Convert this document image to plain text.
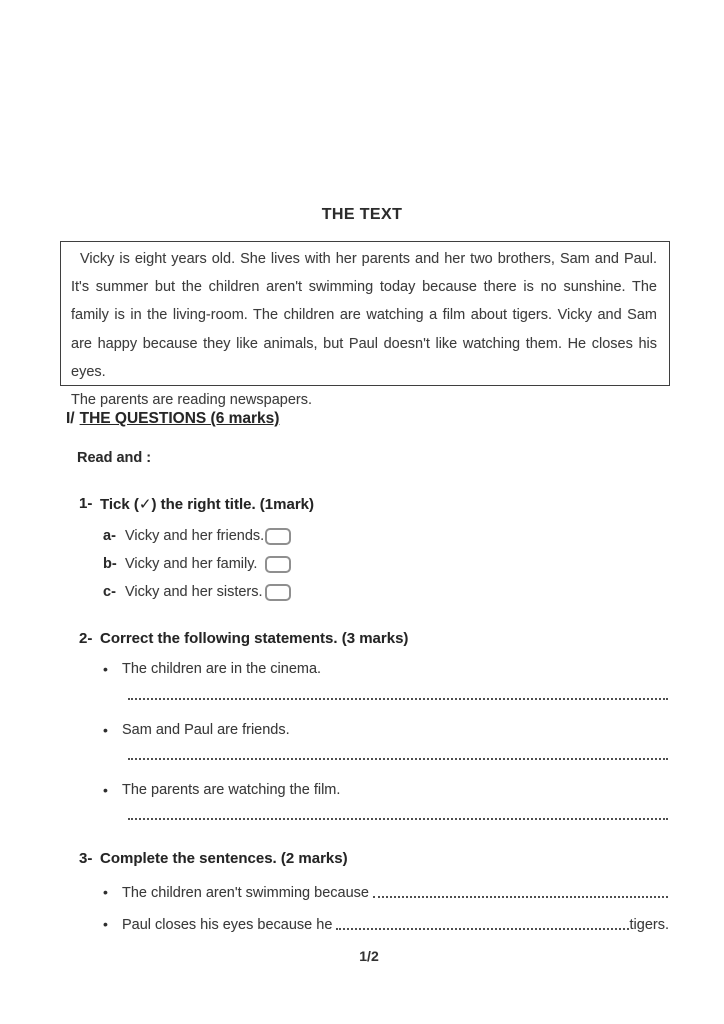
THE TEXT
Vicky is eight years old. She lives with her parents and her two brothers, Sam and Paul. It's summer but the children aren't swimming today because there is no sunshine. The family is in the living-room. The children are watching a film about tigers. Vicky and Sam are happy because they like animals, but Paul doesn't like watching them. He closes his eyes.
The parents are reading newspapers.
I/ THE QUESTIONS (6 marks)
Read and :
1- Tick (✓) the right title. (1mark)
a- Vicky and her friends.
b- Vicky and her family.
c- Vicky and her sisters.
2- Correct the following statements. (3 marks)
• The children are in the cinema.
• Sam and Paul are friends.
• The parents are watching the film.
3- Complete the sentences. (2 marks)
• The children aren't swimming because
• Paul closes his eyes because he	tigers.
1/2
